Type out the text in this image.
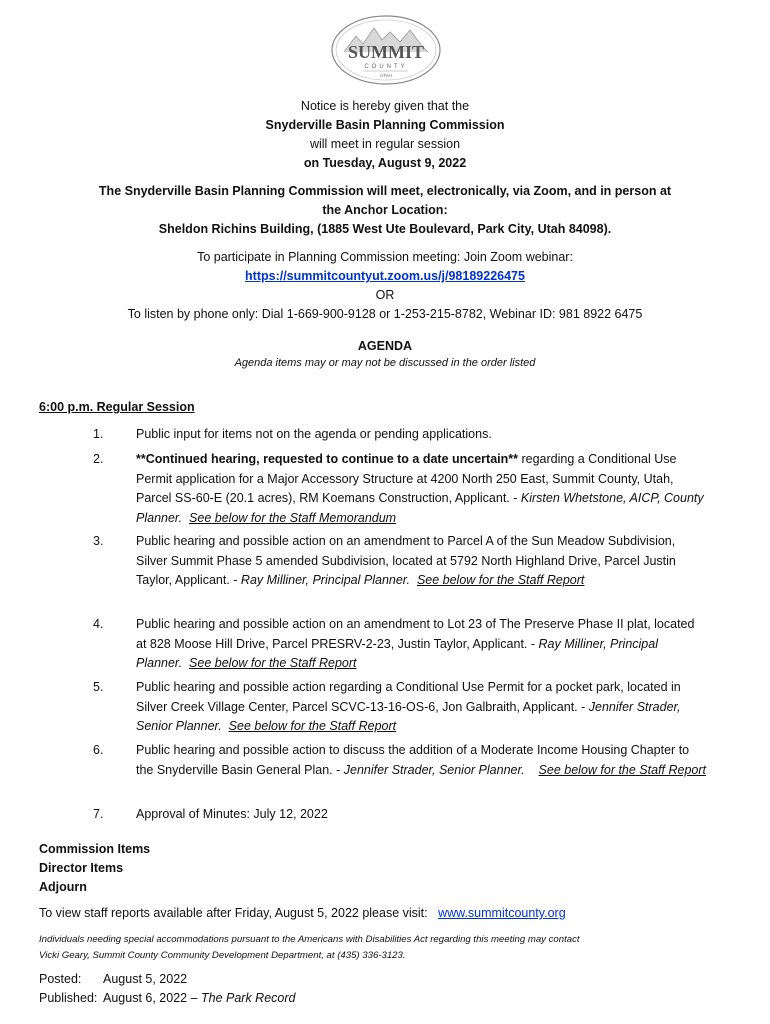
SUMMIT
COUNTY
UTAH
Notice is hereby given that the
Snyderville Basin Planning Commission
will meet in regular session
on Tuesday, August 9, 2022
The Snyderville Basin Planning Commission will meet, electronically, via Zoom, and in person at
the Anchor Location:
Sheldon Richins Building, (1885 West Ute Boulevard, Park City, Utah 84098).
To participate in Planning Commission meeting: Join Zoom webinar:
https://summitcountyut.zoom.us/j/98189226475
OR
To listen by phone only: Dial 1-669-900-9128 or 1-253-215-8782, Webinar ID: 981 8922 6475
AGENDA
Agenda items may or may not be discussed in the order listed
6:00 p.m. Regular Session
1.	Public input for items not on the agenda or pending applications.
2.	**Continued hearing, requested to continue to a date uncertain** regarding a Conditional Use Permit application for a Major Accessory Structure at 4200 North 250 East, Summit County, Utah, Parcel SS-60-E (20.1 acres), RM Koemans Construction, Applicant. - Kirsten Whetstone, AICP, County Planner. See below for the Staff Memorandum
3.	Public hearing and possible action on an amendment to Parcel A of the Sun Meadow Subdivision, Silver Summit Phase 5 amended Subdivision, located at 5792 North Highland Drive, Parcel Justin Taylor, Applicant. - Ray Milliner, Principal Planner. See below for the Staff Report
4.	Public hearing and possible action on an amendment to Lot 23 of The Preserve Phase II plat, located at 828 Moose Hill Drive, Parcel PRESRV-2-23, Justin Taylor, Applicant. - Ray Milliner, Principal Planner. See below for the Staff Report
5.	Public hearing and possible action regarding a Conditional Use Permit for a pocket park, located in Silver Creek Village Center, Parcel SCVC-13-16-OS-6, Jon Galbraith, Applicant. - Jennifer Strader, Senior Planner. See below for the Staff Report
6.	Public hearing and possible action to discuss the addition of a Moderate Income Housing Chapter to the Snyderville Basin General Plan. - Jennifer Strader, Senior Planner. See below for the Staff Report
7.	Approval of Minutes: July 12, 2022
Commission Items
Director Items
Adjourn
To view staff reports available after Friday, August 5, 2022 please visit: www.summitcounty.org
Individuals needing special accommodations pursuant to the Americans with Disabilities Act regarding this meeting may contact
Vicki Geary, Summit County Community Development Department, at (435) 336-3123.
Posted: August 5, 2022
Published: August 6, 2022 – The Park Record
